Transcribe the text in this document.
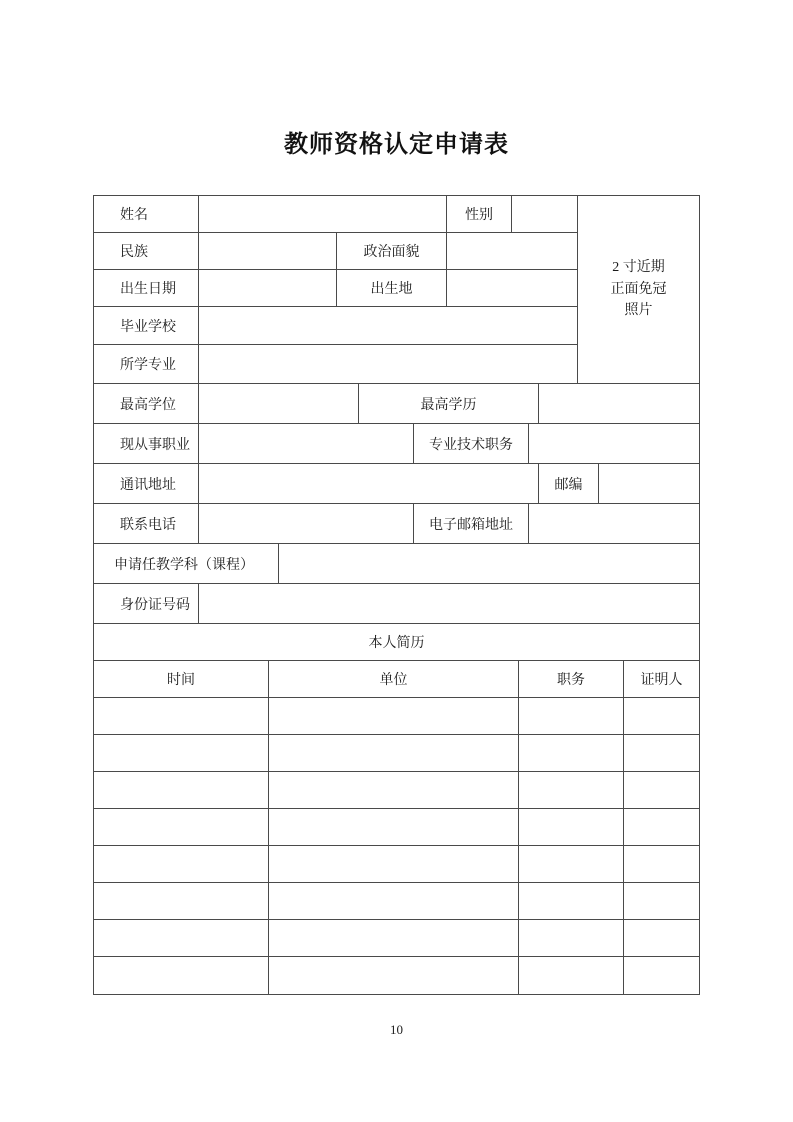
教师资格认定申请表
姓名	性别
民族	政治面貌
出生日期	出生地
毕业学校
所学专业
2 寸近期
正面免冠
照片
最高学位	最高学历
现从事职业	专业技术职务
通讯地址	邮编
联系电话	电子邮箱地址
申请任教学科（课程）
身份证号码
本人简历
时间	单位	职务	证明人
10
